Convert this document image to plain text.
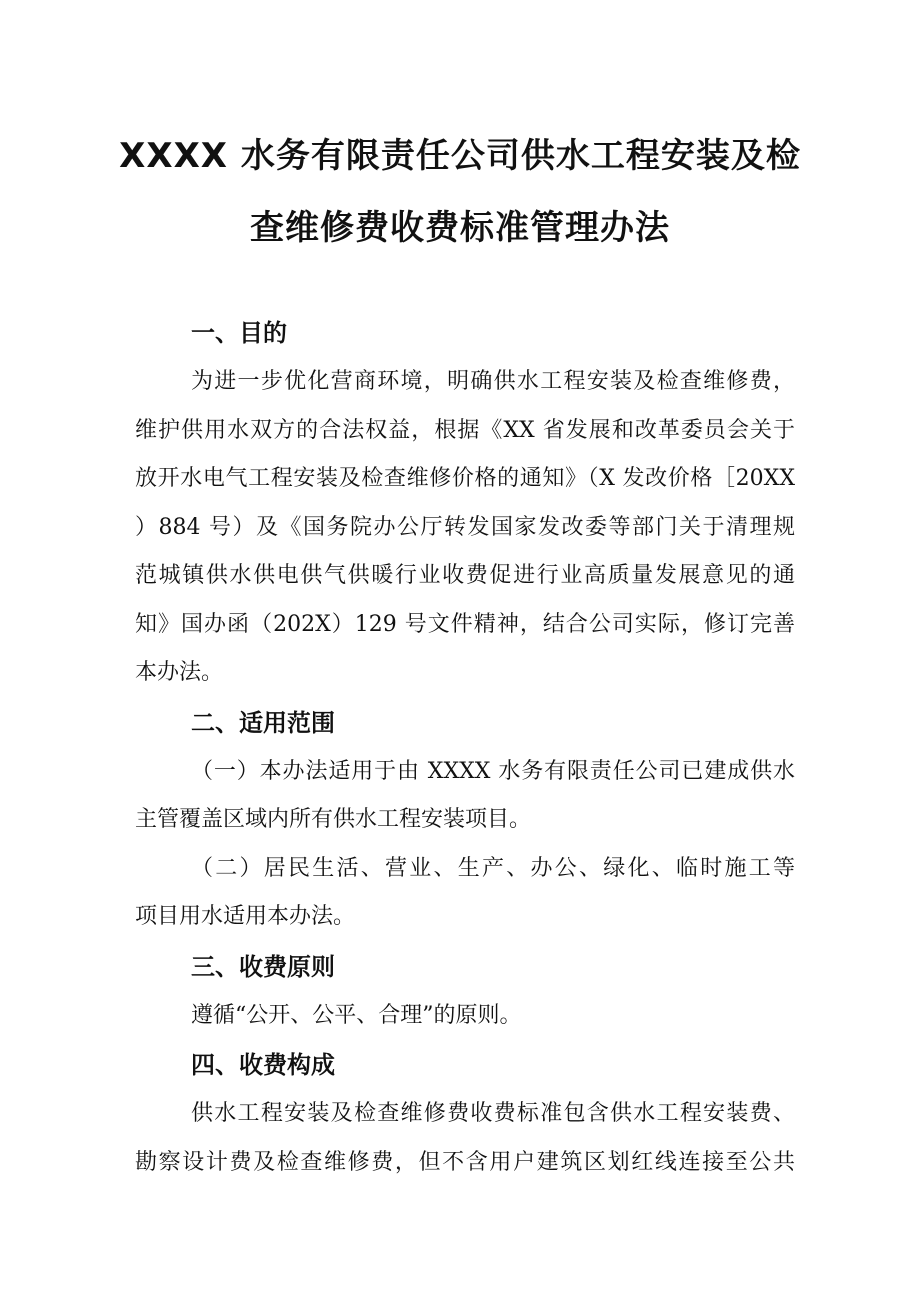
XXXX 水务有限责任公司供水工程安装及检
查维修费收费标准管理办法
一、目的

为进一步优化营商环境，明确供水工程安装及检查维修费，

维护供用水双方的合法权益，根据《XX 省发展和改革委员会关于

放开水电气工程安装及检查维修价格的通知》（X 发改价格［20XX

）884 号）及《国务院办公厅转发国家发改委等部门关于清理规

范城镇供水供电供气供暖行业收费促进行业高质量发展意见的通

知》国办函（202X）129 号文件精神，结合公司实际，修订完善

本办法。

二、适用范围

（一）本办法适用于由 XXXX 水务有限责任公司已建成供水

主管覆盖区域内所有供水工程安装项目。

（二）居民生活、营业、生产、办公、绿化、临时施工等

项目用水适用本办法。

三、收费原则

遵循“公开、公平、合理”的原则。

四、收费构成

供水工程安装及检查维修费收费标准包含供水工程安装费、

勘察设计费及检查维修费，但不含用户建筑区划红线连接至公共
